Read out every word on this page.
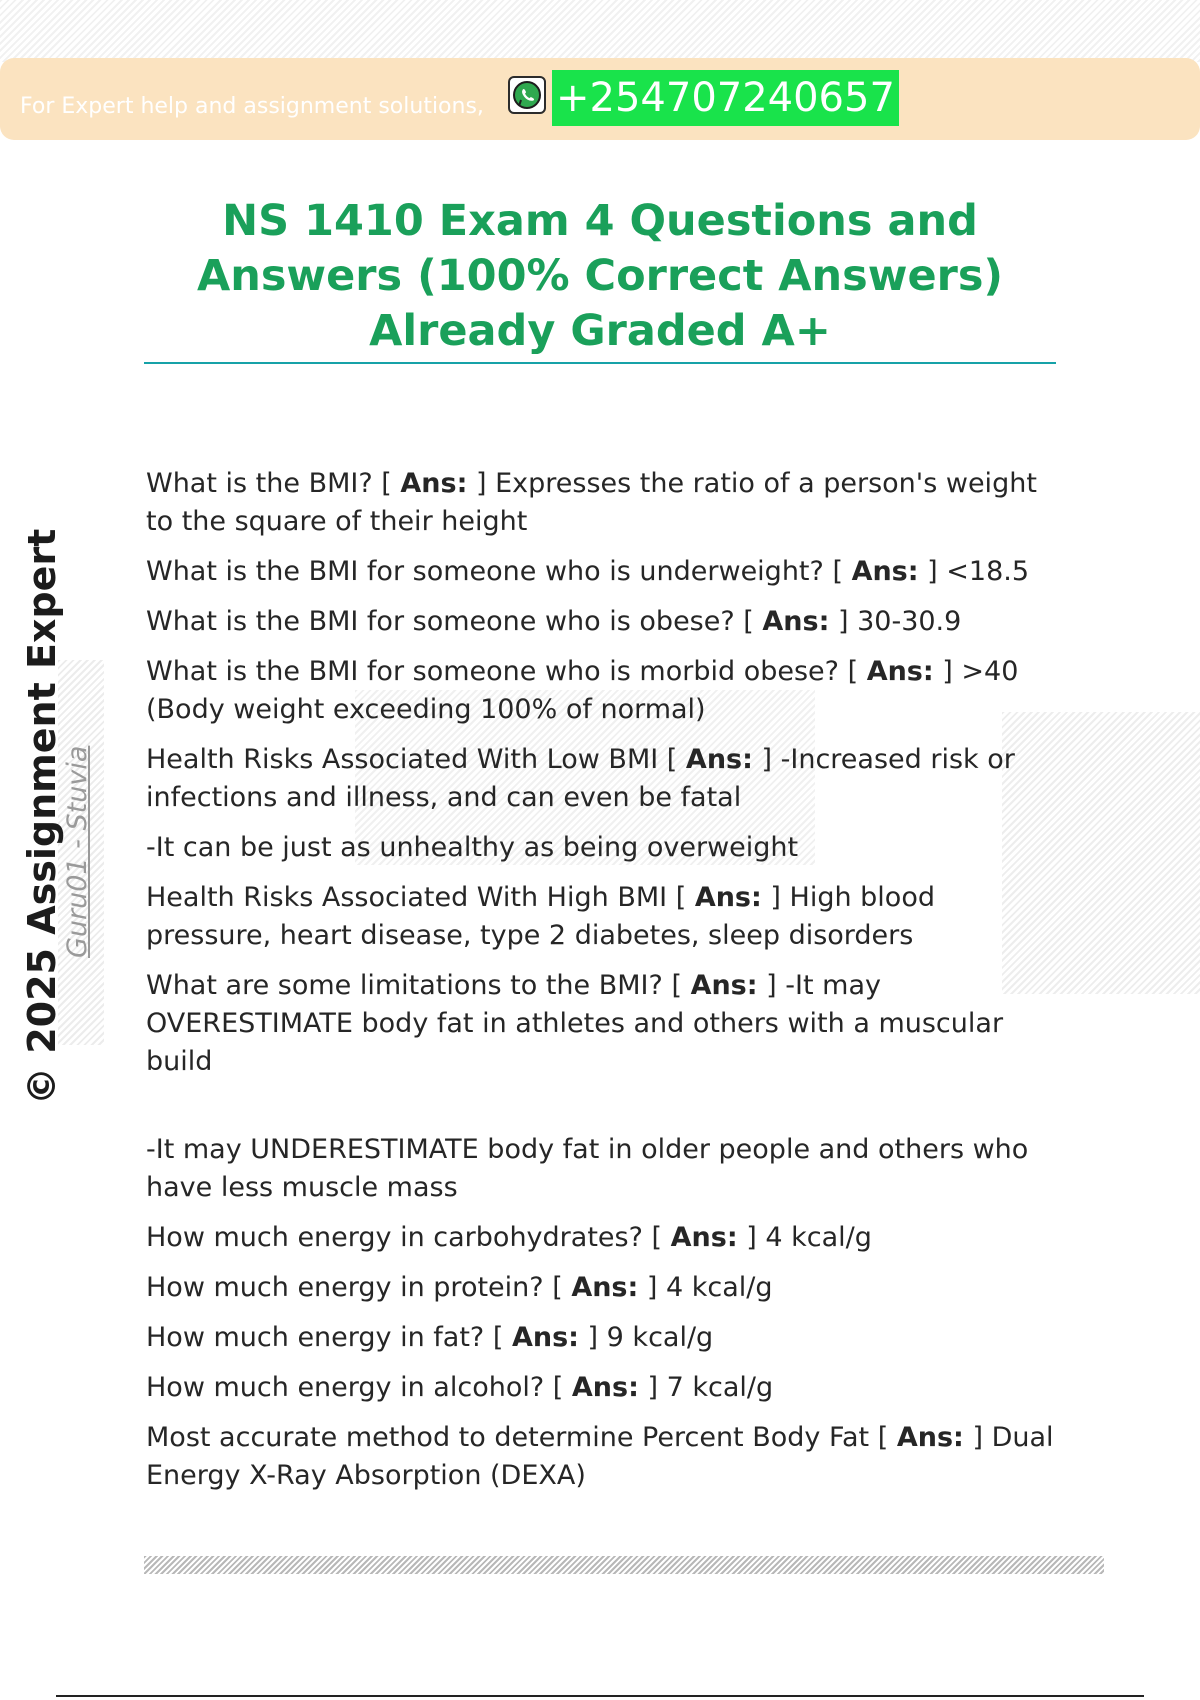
For Expert help and assignment solutions, +254707240657
NS 1410 Exam 4 Questions and Answers (100% Correct Answers) Already Graded A+
© 2025 Assignment Expert
Guru01 - Stuvia
What is the BMI? [ Ans: ] Expresses the ratio of a person's weight to the square of their height
What is the BMI for someone who is underweight? [ Ans: ] <18.5
What is the BMI for someone who is obese? [ Ans: ] 30-30.9
What is the BMI for someone who is morbid obese? [ Ans: ] >40 (Body weight exceeding 100% of normal)
Health Risks Associated With Low BMI [ Ans: ] -Increased risk or infections and illness, and can even be fatal
-It can be just as unhealthy as being overweight
Health Risks Associated With High BMI [ Ans: ] High blood pressure, heart disease, type 2 diabetes, sleep disorders
What are some limitations to the BMI? [ Ans: ] -It may OVERESTIMATE body fat in athletes and others with a muscular build
-It may UNDERESTIMATE body fat in older people and others who have less muscle mass
How much energy in carbohydrates? [ Ans: ] 4 kcal/g
How much energy in protein? [ Ans: ] 4 kcal/g
How much energy in fat? [ Ans: ] 9 kcal/g
How much energy in alcohol? [ Ans: ] 7 kcal/g
Most accurate method to determine Percent Body Fat [ Ans: ] Dual Energy X-Ray Absorption (DEXA)
